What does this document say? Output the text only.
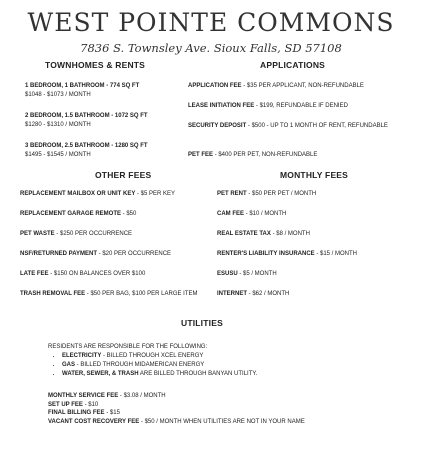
WEST POINTE COMMONS
7836 S. Townsley Ave. Sioux Falls, SD 57108
TOWNHOMES & RENTS
1 BEDROOM, 1 BATHROOM - 774 SQ FT
$1048 - $1073 / MONTH
2 BEDROOM, 1.5 BATHROOM - 1072 SQ FT
$1280 - $1310 / MONTH
3 BEDROOM, 2.5 BATHROOM - 1280 SQ FT
$1495 - $1545 / MONTH
APPLICATIONS
APPLICATION FEE - $35 PER APPLICANT, NON-REFUNDABLE
LEASE INITIATION FEE - $199, REFUNDABLE IF DENIED
SECURITY DEPOSIT - $500 - UP TO 1 MONTH OF RENT, REFUNDABLE
PET FEE - $400 PER PET, NON-REFUNDABLE
OTHER FEES
REPLACEMENT MAILBOX OR UNIT KEY - $5 PER KEY
REPLACEMENT GARAGE REMOTE - $50
PET WASTE - $250 PER OCCURRENCE
NSF/RETURNED PAYMENT - $20 PER OCCURRENCE
LATE FEE - $150 ON BALANCES OVER $100
TRASH REMOVAL FEE - $50 PER BAG, $100 PER LARGE ITEM
MONTHLY FEES
PET RENT - $50 PER PET / MONTH
CAM FEE - $10 / MONTH
REAL ESTATE TAX - $8 / MONTH
RENTER'S LIABILITY INSURANCE - $15 / MONTH
ESUSU - $5 / MONTH
INTERNET - $62 / MONTH
UTILITIES
RESIDENTS ARE RESPONSIBLE FOR THE FOLLOWING:
• ELECTRICITY - BILLED THROUGH XCEL ENERGY
• GAS - BILLED THROUGH MIDAMERICAN ENERGY
• WATER, SEWER, & TRASH ARE BILLED THROUGH BANYAN UTILITY.
MONTHLY SERVICE FEE - $3.08 / MONTH
SET UP FEE - $10
FINAL BILLING FEE - $15
VACANT COST RECOVERY FEE - $50 / MONTH WHEN UTILITIES ARE NOT IN YOUR NAME
